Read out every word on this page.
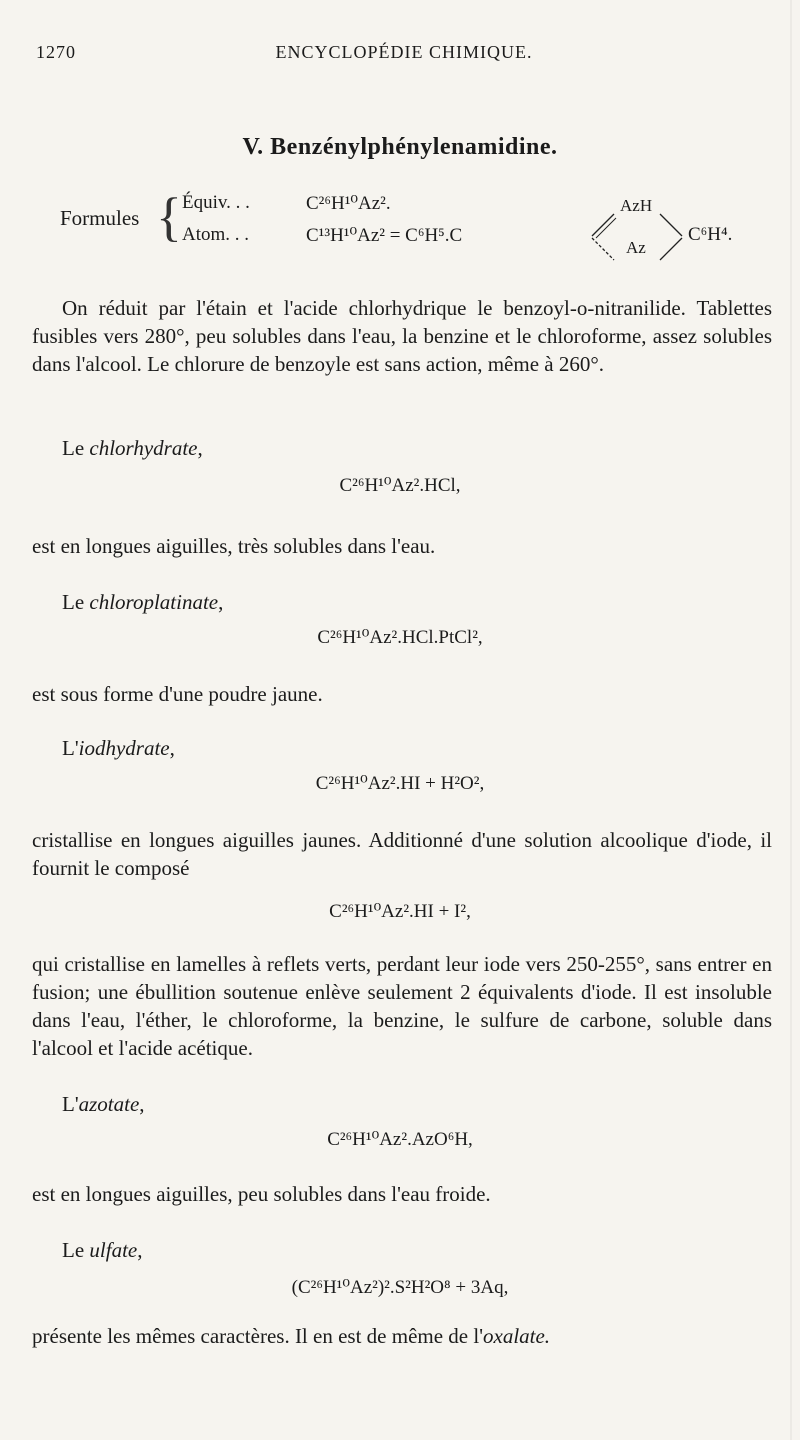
1270	ENCYCLOPÉDIE CHIMIQUE.
V. Benzénylphénylenamidine.
Formules { Équiv. . .	C²⁶H¹⁰Az².
Atom. . .	C¹³H¹⁰Az² = C⁶H⁵.C
AzH
Az
C⁶H⁴.

On réduit par l'étain et l'acide chlorhydrique le benzoyl-o-nitranilide. Tablettes fusibles vers 280°, peu solubles dans l'eau, la benzine et le chloroforme, assez solubles dans l'alcool. Le chlorure de benzoyle est sans action, même à 260°.

Le chlorhydrate,
C²⁶H¹⁰Az².HCl,

est en longues aiguilles, très solubles dans l'eau.

Le chloroplatinate,
C²⁶H¹⁰Az².HCl.PtCl²,

est sous forme d'une poudre jaune.

L'iodhydrate,
C²⁶H¹⁰Az².HI + H²O²,

cristallise en longues aiguilles jaunes. Additionné d'une solution alcoolique d'iode, il fournit le composé

C²⁶H¹⁰Az².HI + I²,

qui cristallise en lamelles à reflets verts, perdant leur iode vers 250-255°, sans entrer en fusion; une ébullition soutenue enlève seulement 2 équivalents d'iode. Il est insoluble dans l'eau, l'éther, le chloroforme, la benzine, le sulfure de carbone, soluble dans l'alcool et l'acide acétique.

L'azotate,
C²⁶H¹⁰Az².AzO⁶H,

est en longues aiguilles, peu solubles dans l'eau froide.

Le ulfate,
(C²⁶H¹⁰Az²)².S²H²O⁸ + 3Aq,

présente les mêmes caractères. Il en est de même de l'oxalate.
